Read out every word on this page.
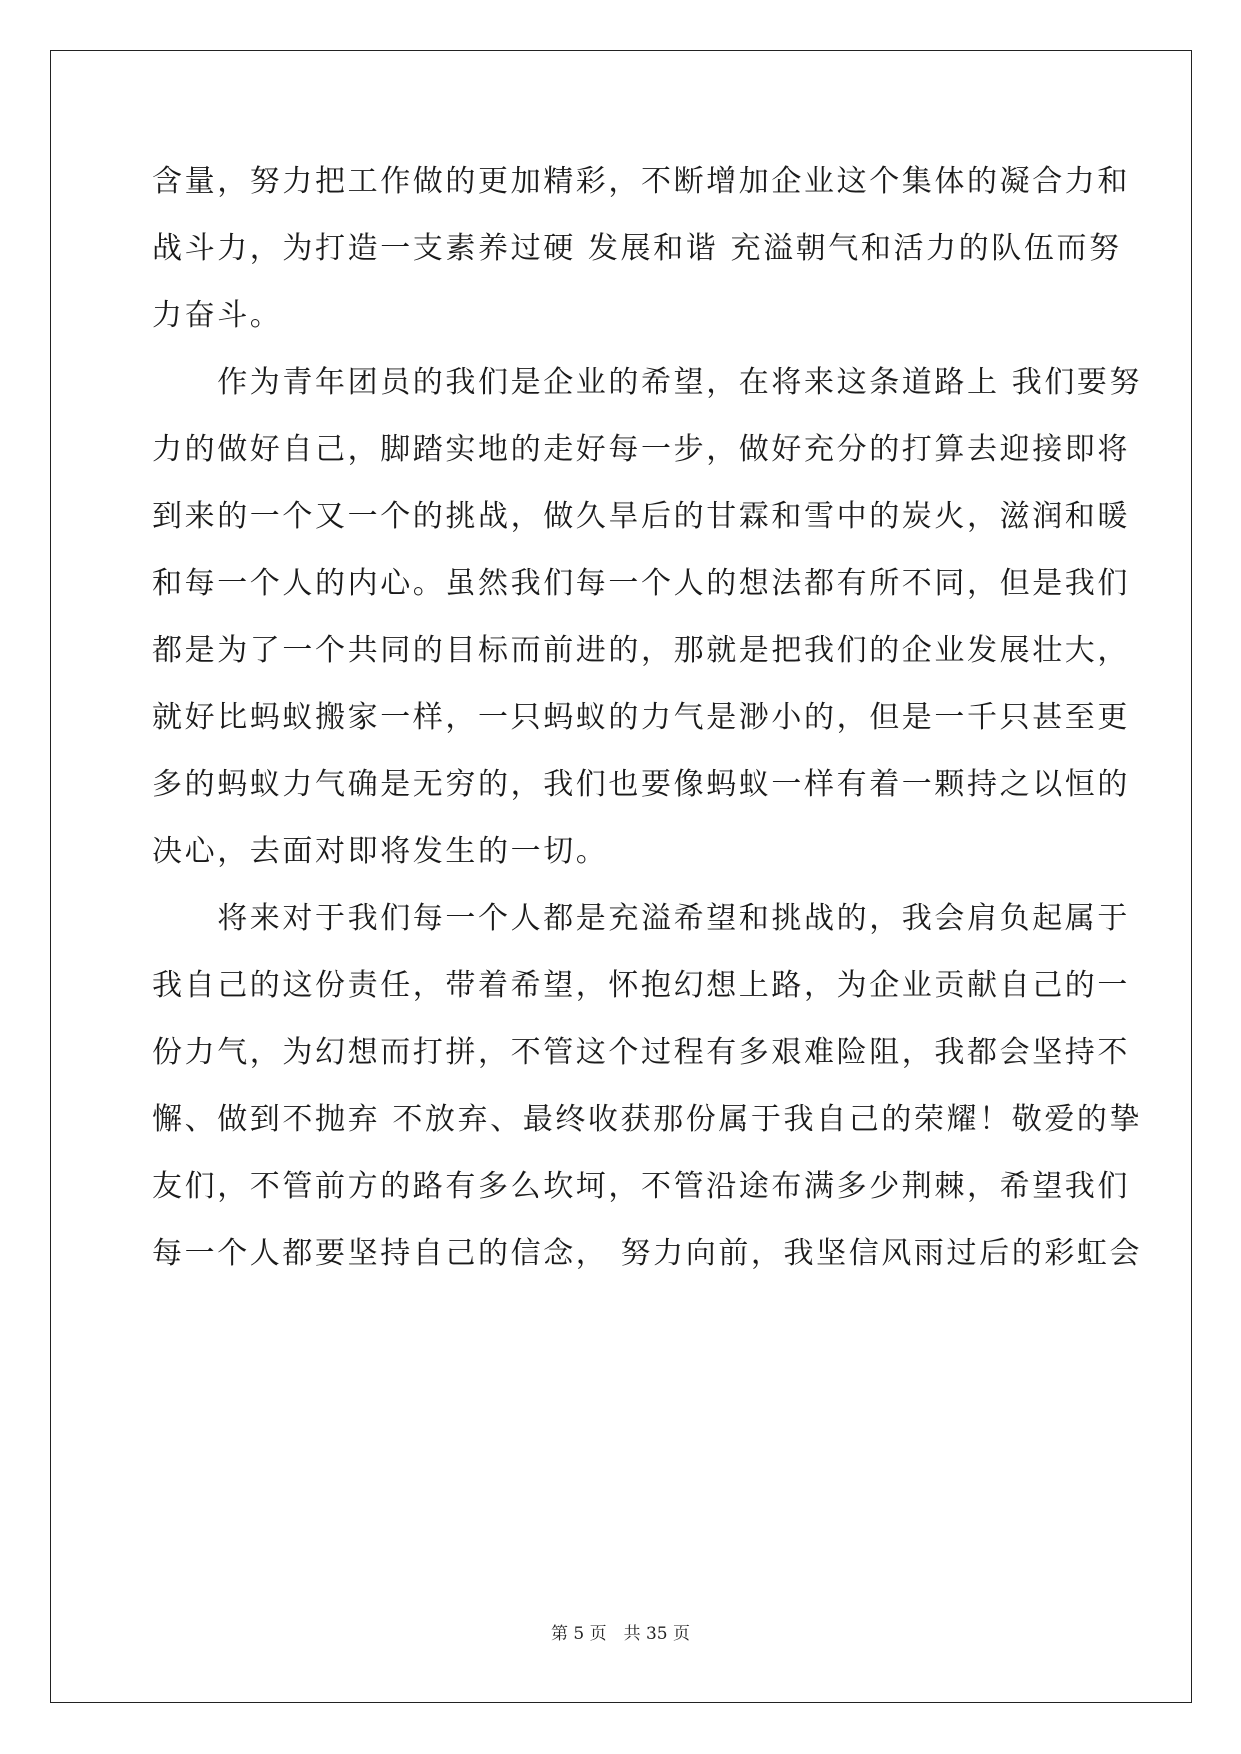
含量，努力把工作做的更加精彩，不断增加企业这个集体的凝合力和
战斗力，为打造一支素养过硬 发展和谐 充溢朝气和活力的队伍而努
力奋斗。
　　作为青年团员的我们是企业的希望，在将来这条道路上 我们要努
力的做好自己，脚踏实地的走好每一步，做好充分的打算去迎接即将
到来的一个又一个的挑战，做久旱后的甘霖和雪中的炭火，滋润和暖
和每一个人的内心。虽然我们每一个人的想法都有所不同，但是我们
都是为了一个共同的目标而前进的，那就是把我们的企业发展壮大，
就好比蚂蚁搬家一样，一只蚂蚁的力气是渺小的，但是一千只甚至更
多的蚂蚁力气确是无穷的，我们也要像蚂蚁一样有着一颗持之以恒的
决心，去面对即将发生的一切。
　　将来对于我们每一个人都是充溢希望和挑战的，我会肩负起属于
我自己的这份责任，带着希望，怀抱幻想上路，为企业贡献自己的一
份力气，为幻想而打拼，不管这个过程有多艰难险阻，我都会坚持不
懈、做到不抛弃 不放弃、最终收获那份属于我自己的荣耀！敬爱的挚
友们，不管前方的路有多么坎坷，不管沿途布满多少荆棘，希望我们
每一个人都要坚持自己的信念， 努力向前，我坚信风雨过后的彩虹会
第 5 页　共 35 页
